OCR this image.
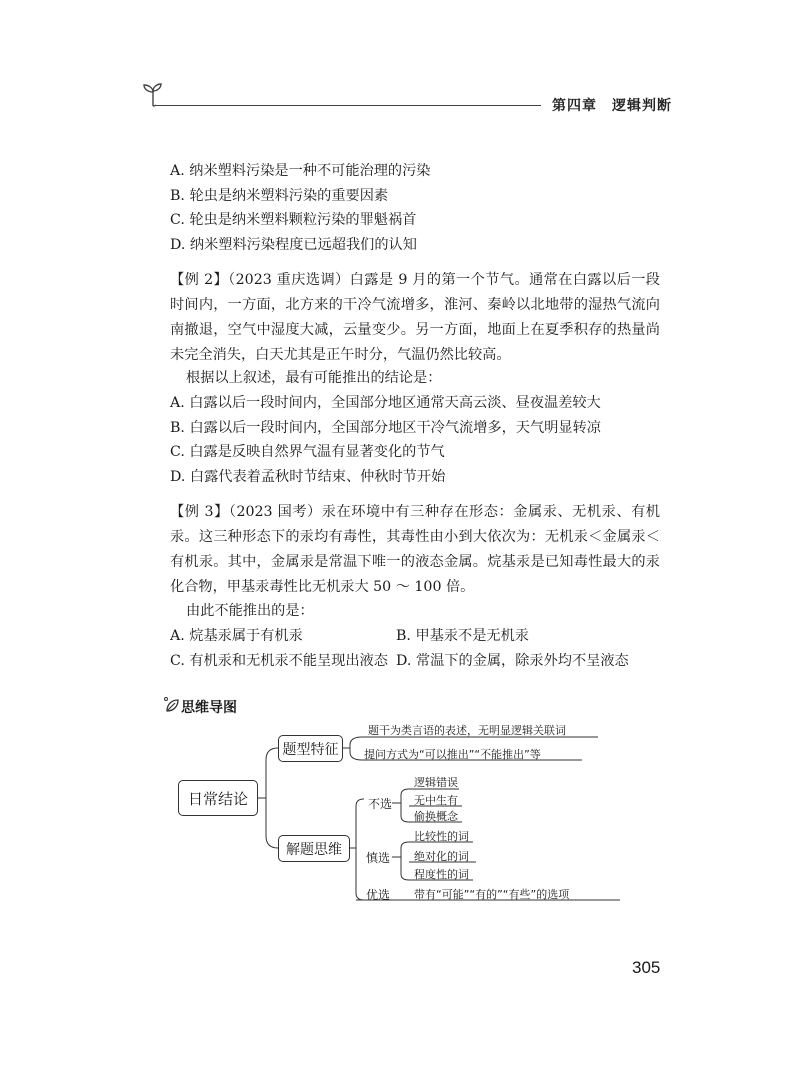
第四章　逻辑判断
A. 纳米塑料污染是一种不可能治理的污染
B. 轮虫是纳米塑料污染的重要因素
C. 轮虫是纳米塑料颗粒污染的罪魁祸首
D. 纳米塑料污染程度已远超我们的认知
【例 2】（2023 重庆选调）白露是 9 月的第一个节气。通常在白露以后一段时间内，一方面，北方来的干冷气流增多，淮河、秦岭以北地带的湿热气流向南撤退，空气中湿度大减，云量变少。另一方面，地面上在夏季积存的热量尚未完全消失，白天尤其是正午时分，气温仍然比较高。
根据以上叙述，最有可能推出的结论是：
A. 白露以后一段时间内，全国部分地区通常天高云淡、昼夜温差较大
B. 白露以后一段时间内，全国部分地区干冷气流增多，天气明显转凉
C. 白露是反映自然界气温有显著变化的节气
D. 白露代表着孟秋时节结束、仲秋时节开始
【例 3】（2023 国考）汞在环境中有三种存在形态：金属汞、无机汞、有机汞。这三种形态下的汞均有毒性，其毒性由小到大依次为：无机汞＜金属汞＜有机汞。其中，金属汞是常温下唯一的液态金属。烷基汞是已知毒性最大的汞化合物，甲基汞毒性比无机汞大 50 ～ 100 倍。
由此不能推出的是：
A. 烷基汞属于有机汞	B. 甲基汞不是无机汞
C. 有机汞和无机汞不能呈现出液态 D. 常温下的金属，除汞外均不呈液态
思维导图
日常结论
题型特征
解题思维
题干为类言语的表述，无明显逻辑关联词
提问方式为“可以推出”“不能推出”等
不选
逻辑错误
无中生有
偷换概念
慎选
比较性的词
绝对化的词
程度性的词
优选 带有“可能”“有的”“有些”的选项
305
